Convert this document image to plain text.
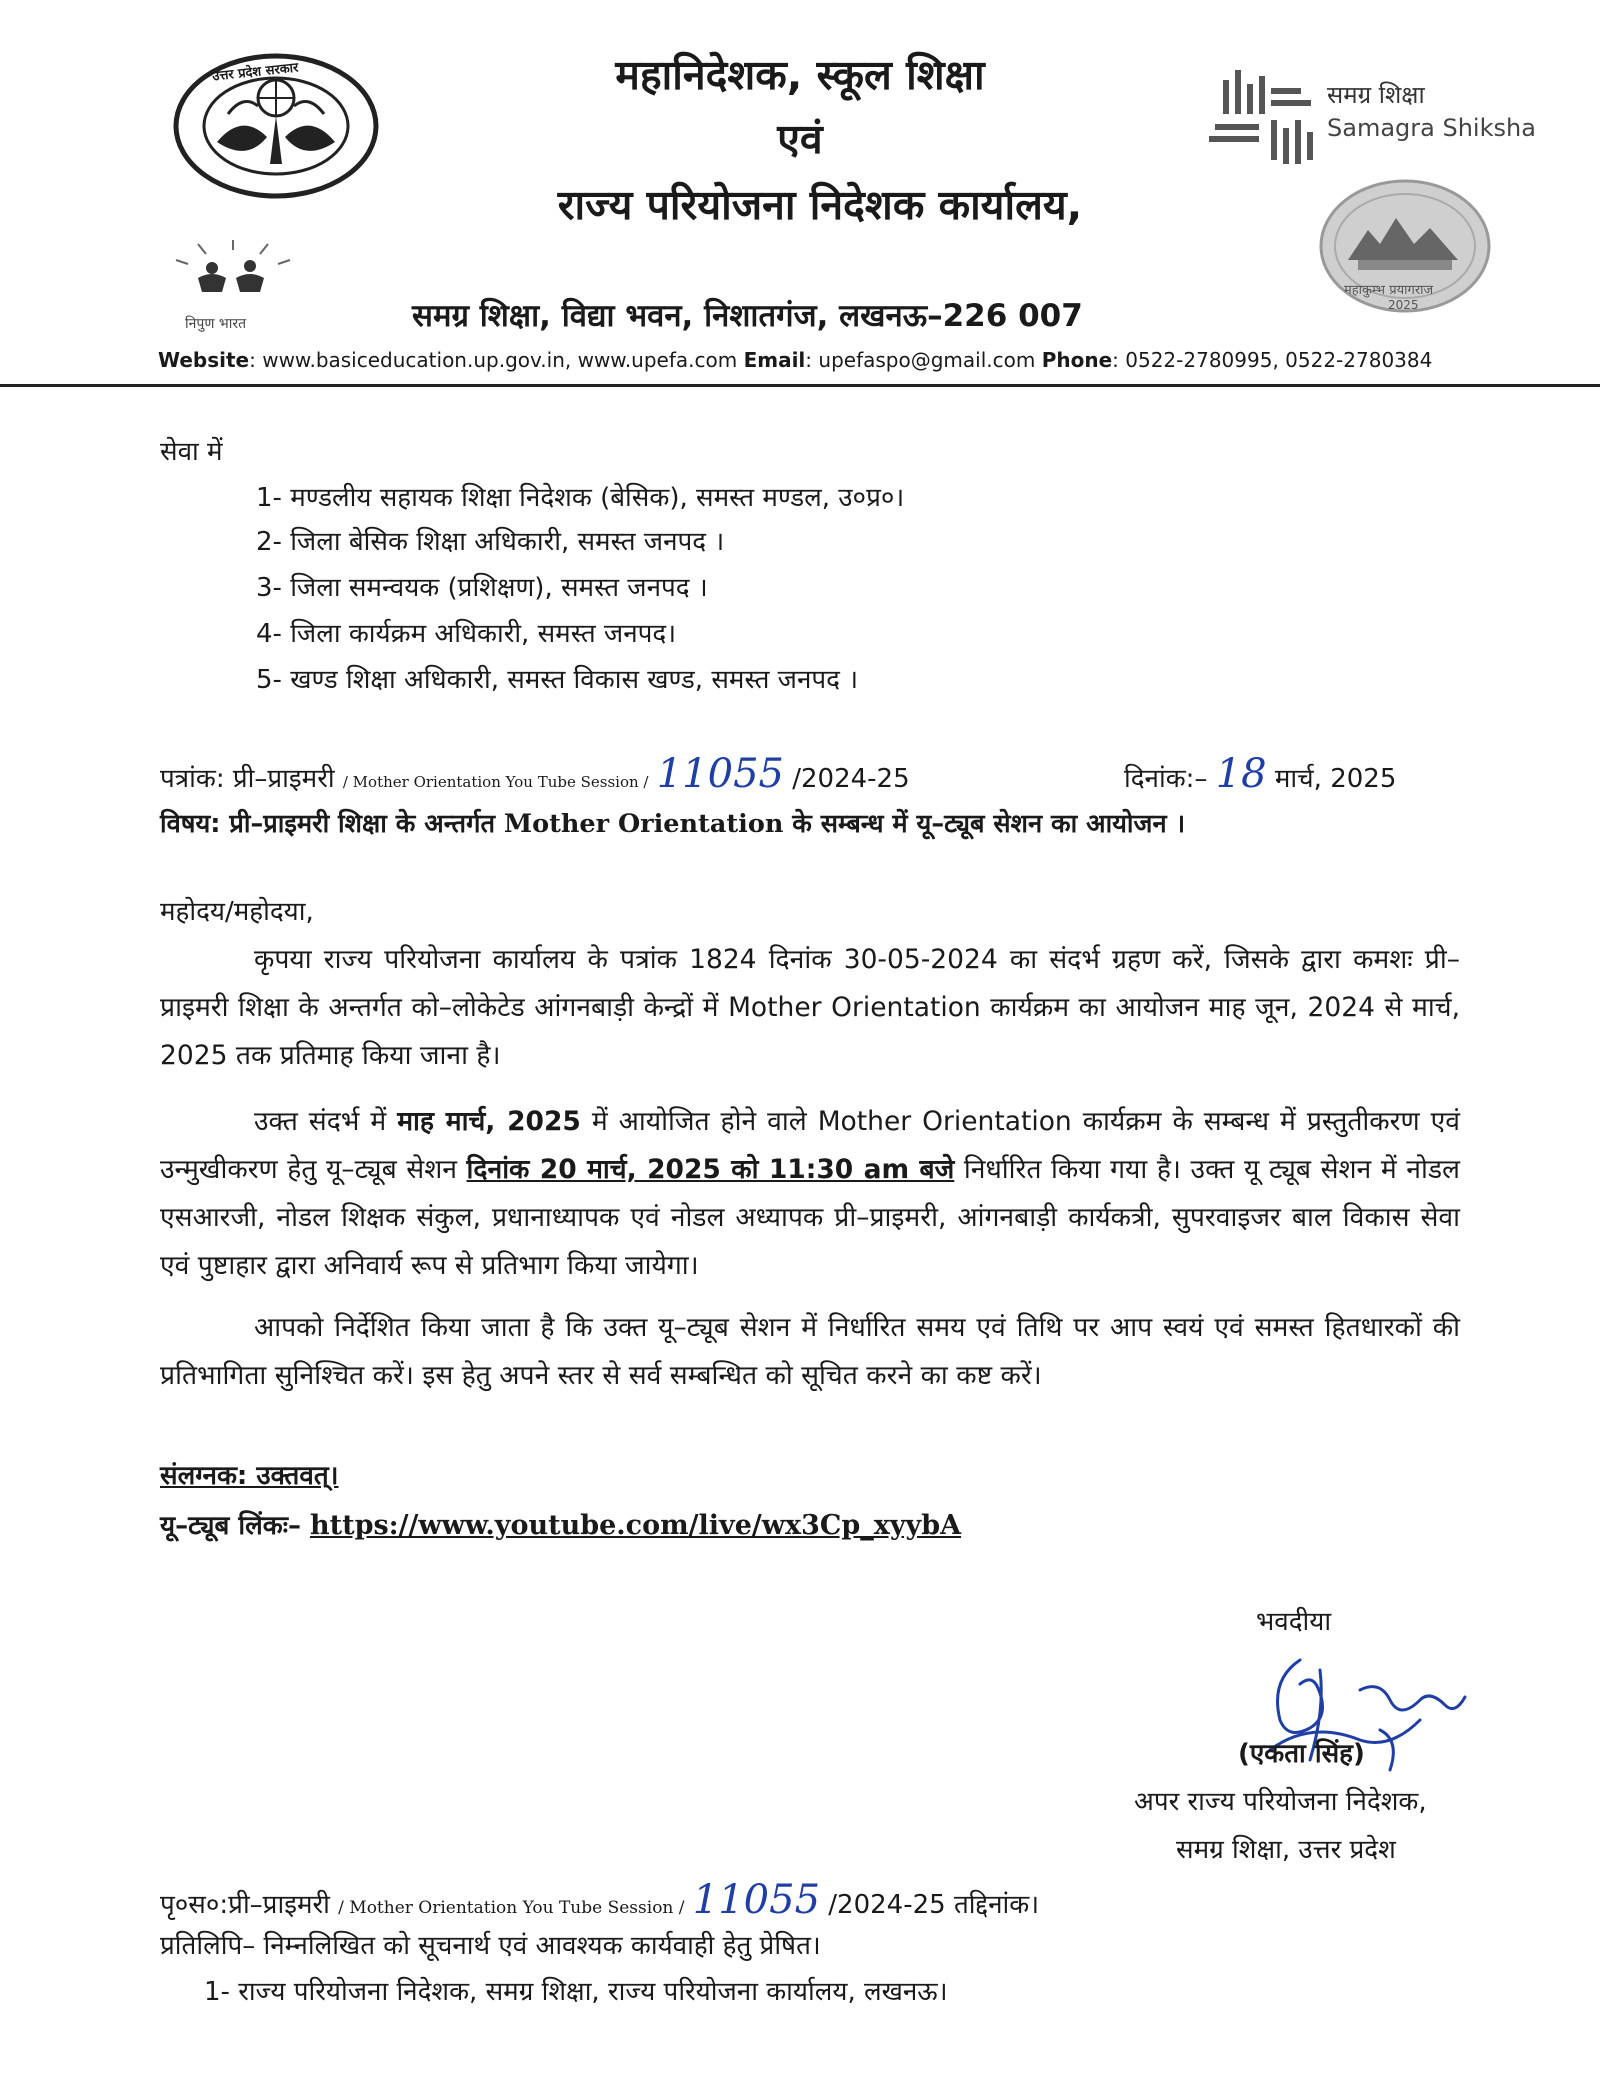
उत्तर प्रदेश सरकार	महानिदेशक, स्कूल शिक्षा
एवं
राज्य परियोजना निदेशक कार्यालय,
समग्र शिक्षा
Samagra Shiksha
निपुण भारत
महाकुम्भ प्रयागराज
2025
समग्र शिक्षा, विद्या भवन, निशातगंज, लखनऊ–226 007
Website: www.basiceducation.up.gov.in, www.upefa.com Email: upefaspo@gmail.com Phone: 0522-2780995, 0522-2780384
सेवा में
1- मण्डलीय सहायक शिक्षा निदेशक (बेसिक), समस्त मण्डल, उ०प्र०।
2- जिला बेसिक शिक्षा अधिकारी, समस्त जनपद ।
3- जिला समन्वयक (प्रशिक्षण), समस्त जनपद ।
4- जिला कार्यक्रम अधिकारी, समस्त जनपद।
5- खण्ड शिक्षा अधिकारी, समस्त विकास खण्ड, समस्त जनपद ।
पत्रांक: प्री–प्राइमरी / Mother Orientation You Tube Session / 11055 /2024-25	दिनांक:– 18 मार्च, 2025
विषय: प्री–प्राइमरी शिक्षा के अन्तर्गत Mother Orientation के सम्बन्ध में यू–ट्यूब सेशन का आयोजन ।
महोदय/महोदया,
कृपया राज्य परियोजना कार्यालय के पत्रांक 1824 दिनांक 30-05-2024 का संदर्भ ग्रहण करें, जिसके द्वारा कमशः प्री–प्राइमरी शिक्षा के अन्तर्गत को–लोकेटेड आंगनबाड़ी केन्द्रों में Mother Orientation कार्यक्रम का आयोजन माह जून, 2024 से मार्च, 2025 तक प्रतिमाह किया जाना है।
उक्त संदर्भ में माह मार्च, 2025 में आयोजित होने वाले Mother Orientation कार्यक्रम के सम्बन्ध में प्रस्तुतीकरण एवं उन्मुखीकरण हेतु यू–ट्यूब सेशन दिनांक 20 मार्च, 2025 को 11:30 am बजे निर्धारित किया गया है। उक्त यू ट्यूब सेशन में नोडल एसआरजी, नोडल शिक्षक संकुल, प्रधानाध्यापक एवं नोडल अध्यापक प्री–प्राइमरी, आंगनबाड़ी कार्यकत्री, सुपरवाइजर बाल विकास सेवा एवं पुष्टाहार द्वारा अनिवार्य रूप से प्रतिभाग किया जायेगा।
आपको निर्देशित किया जाता है कि उक्त यू–ट्यूब सेशन में निर्धारित समय एवं तिथि पर आप स्वयं एवं समस्त हितधारकों की प्रतिभागिता सुनिश्चित करें। इस हेतु अपने स्तर से सर्व सम्बन्धित को सूचित करने का कष्ट करें।
संलग्नक: उक्तवत्।
यू–ट्यूब लिंकः– https://www.youtube.com/live/wx3Cp_xyybA
भवदीया
(एकता सिंह)
अपर राज्य परियोजना निदेशक,
समग्र शिक्षा, उत्तर प्रदेश
पृ०स०:प्री–प्राइमरी / Mother Orientation You Tube Session / 11055 /2024-25 तद्दिनांक।
प्रतिलिपि– निम्नलिखित को सूचनार्थ एवं आवश्यक कार्यवाही हेतु प्रेषित।
1- राज्य परियोजना निदेशक, समग्र शिक्षा, राज्य परियोजना कार्यालय, लखनऊ।
